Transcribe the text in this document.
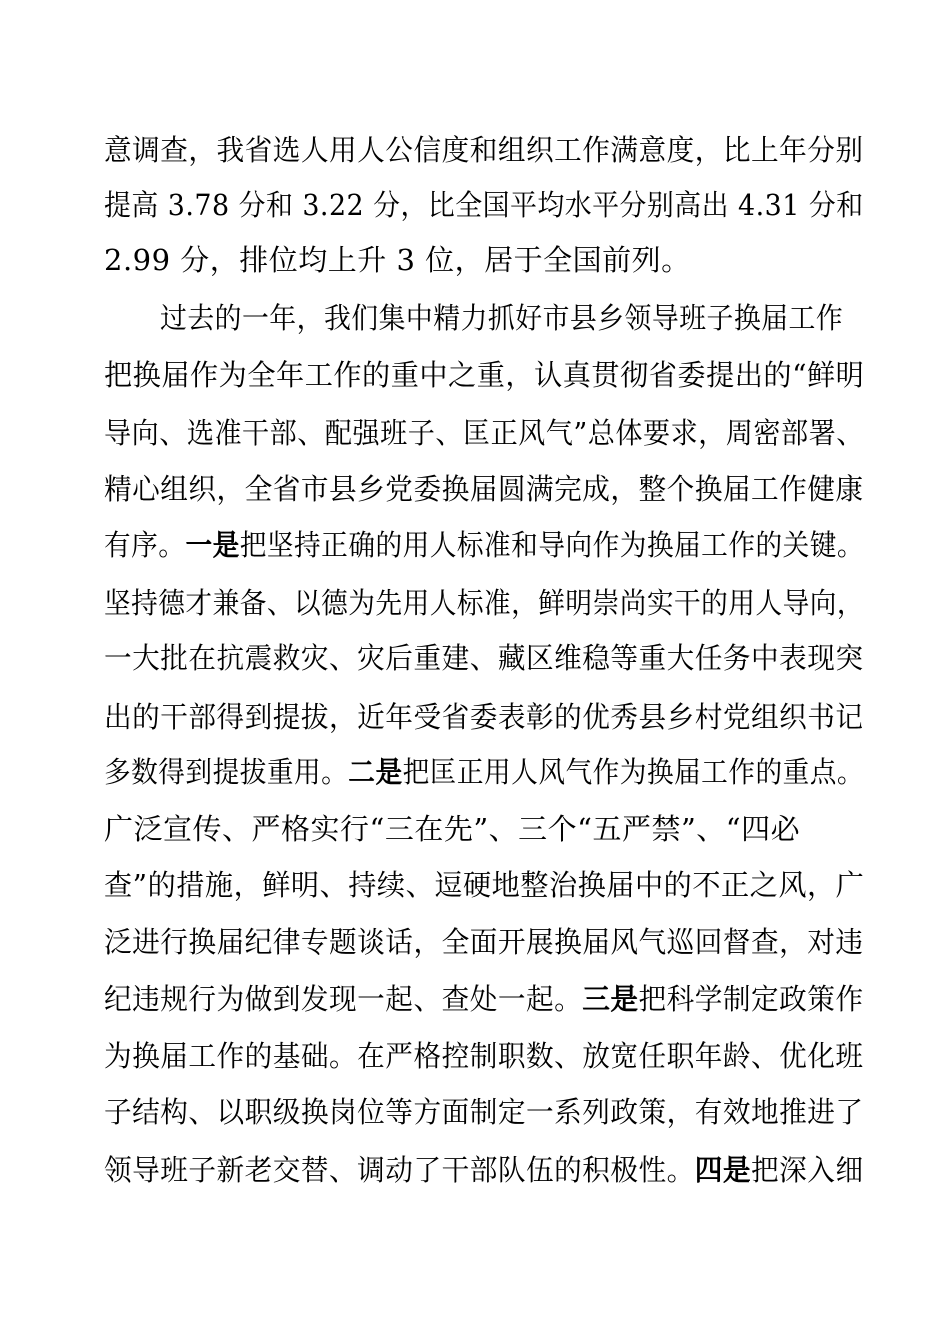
意调查，我省选人用人公信度和组织工作满意度，比上年分别
提高 3.78 分和 3.22 分，比全国平均水平分别高出 4.31 分和
2.99 分，排位均上升 3 位，居于全国前列。
过去的一年，我们集中精力抓好市县乡领导班子换届工作
把换届作为全年工作的重中之重，认真贯彻省委提出的“鲜明
导向、选准干部、配强班子、匡正风气”总体要求，周密部署、
精心组织，全省市县乡党委换届圆满完成，整个换届工作健康
有序。一是把坚持正确的用人标准和导向作为换届工作的关键。
坚持德才兼备、以德为先用人标准，鲜明崇尚实干的用人导向，
一大批在抗震救灾、灾后重建、藏区维稳等重大任务中表现突
出的干部得到提拔，近年受省委表彰的优秀县乡村党组织书记
多数得到提拔重用。二是把匡正用人风气作为换届工作的重点。
广泛宣传、严格实行“三在先”、三个“五严禁”、“四必
查”的措施，鲜明、持续、逗硬地整治换届中的不正之风，广
泛进行换届纪律专题谈话，全面开展换届风气巡回督查，对违
纪违规行为做到发现一起、查处一起。三是把科学制定政策作
为换届工作的基础。在严格控制职数、放宽任职年龄、优化班
子结构、以职级换岗位等方面制定一系列政策，有效地推进了
领导班子新老交替、调动了干部队伍的积极性。四是把深入细
